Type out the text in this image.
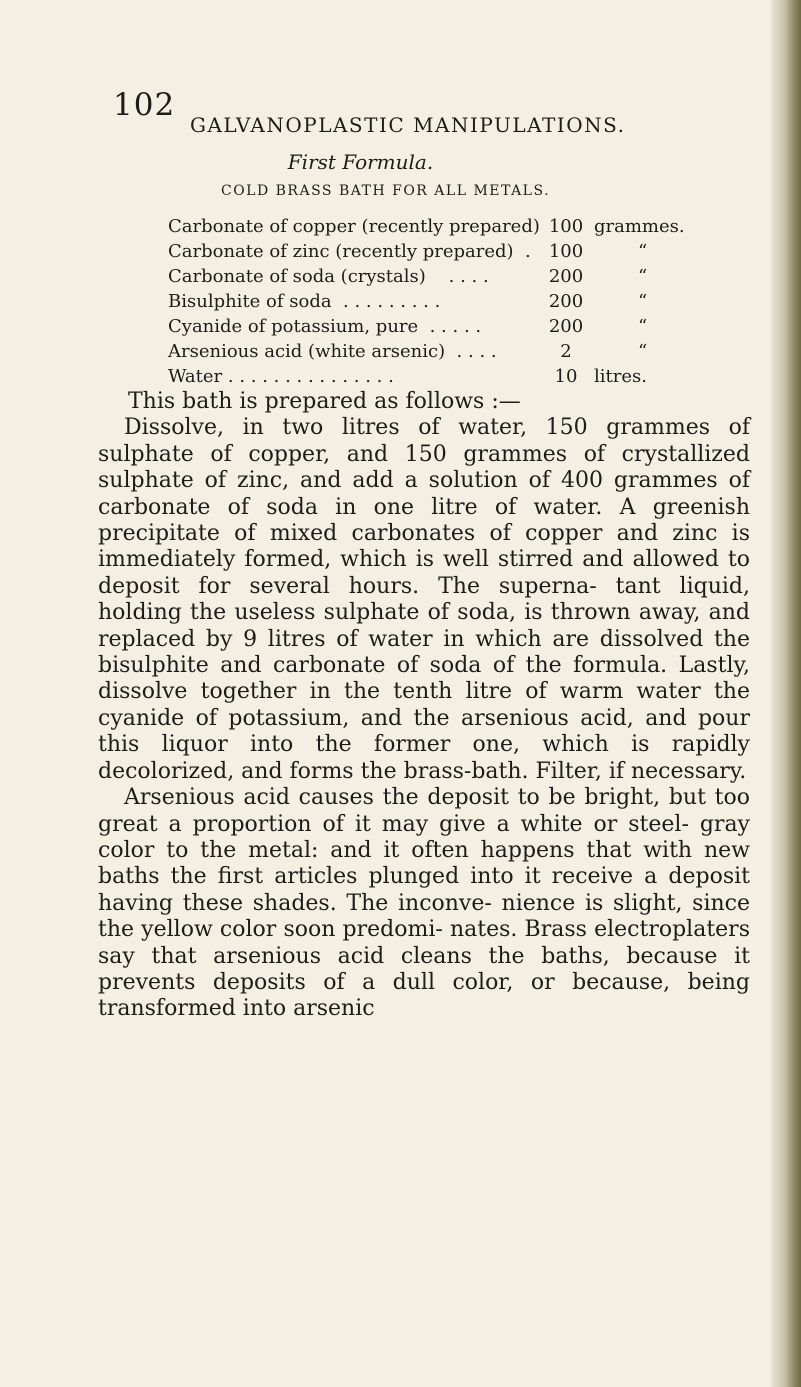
102
GALVANOPLASTIC MANIPULATIONS.
First Formula.
COLD BRASS BATH FOR ALL METALS.
Carbonate of copper (recently prepared) 100 grammes.
Carbonate of zinc (recently prepared)  .	100	“
Carbonate of soda (crystals)    . . . .	200	“
Bisulphite of soda  . . . . . . . . .	200	“
Cyanide of potassium, pure  . . . . .	200	“
Arsenious acid (white arsenic)  . . . .	2	“
Water . . . . . . . . . . . . . . .	10 litres.

This bath is prepared as follows :—

Dissolve, in two litres of water, 150 grammes of sulphate of copper, and 150 grammes of crystallized sulphate of zinc, and add a solution of 400 grammes of carbonate of soda in one litre of water. A greenish precipitate of mixed carbonates of copper and zinc is immediately formed, which is well stirred and allowed to deposit for several hours. The superna- tant liquid, holding the useless sulphate of soda, is thrown away, and replaced by 9 litres of water in which are dissolved the bisulphite and carbonate of soda of the formula. Lastly, dissolve together in the tenth litre of warm water the cyanide of potassium, and the arsenious acid, and pour this liquor into the former one, which is rapidly decolorized, and forms the brass-bath. Filter, if necessary.

Arsenious acid causes the deposit to be bright, but too great a proportion of it may give a white or steel- gray color to the metal: and it often happens that with new baths the first articles plunged into it receive a deposit having these shades. The inconve- nience is slight, since the yellow color soon predomi- nates. Brass electroplaters say that arsenious acid cleans the baths, because it prevents deposits of a dull color, or because, being transformed into arsenic
